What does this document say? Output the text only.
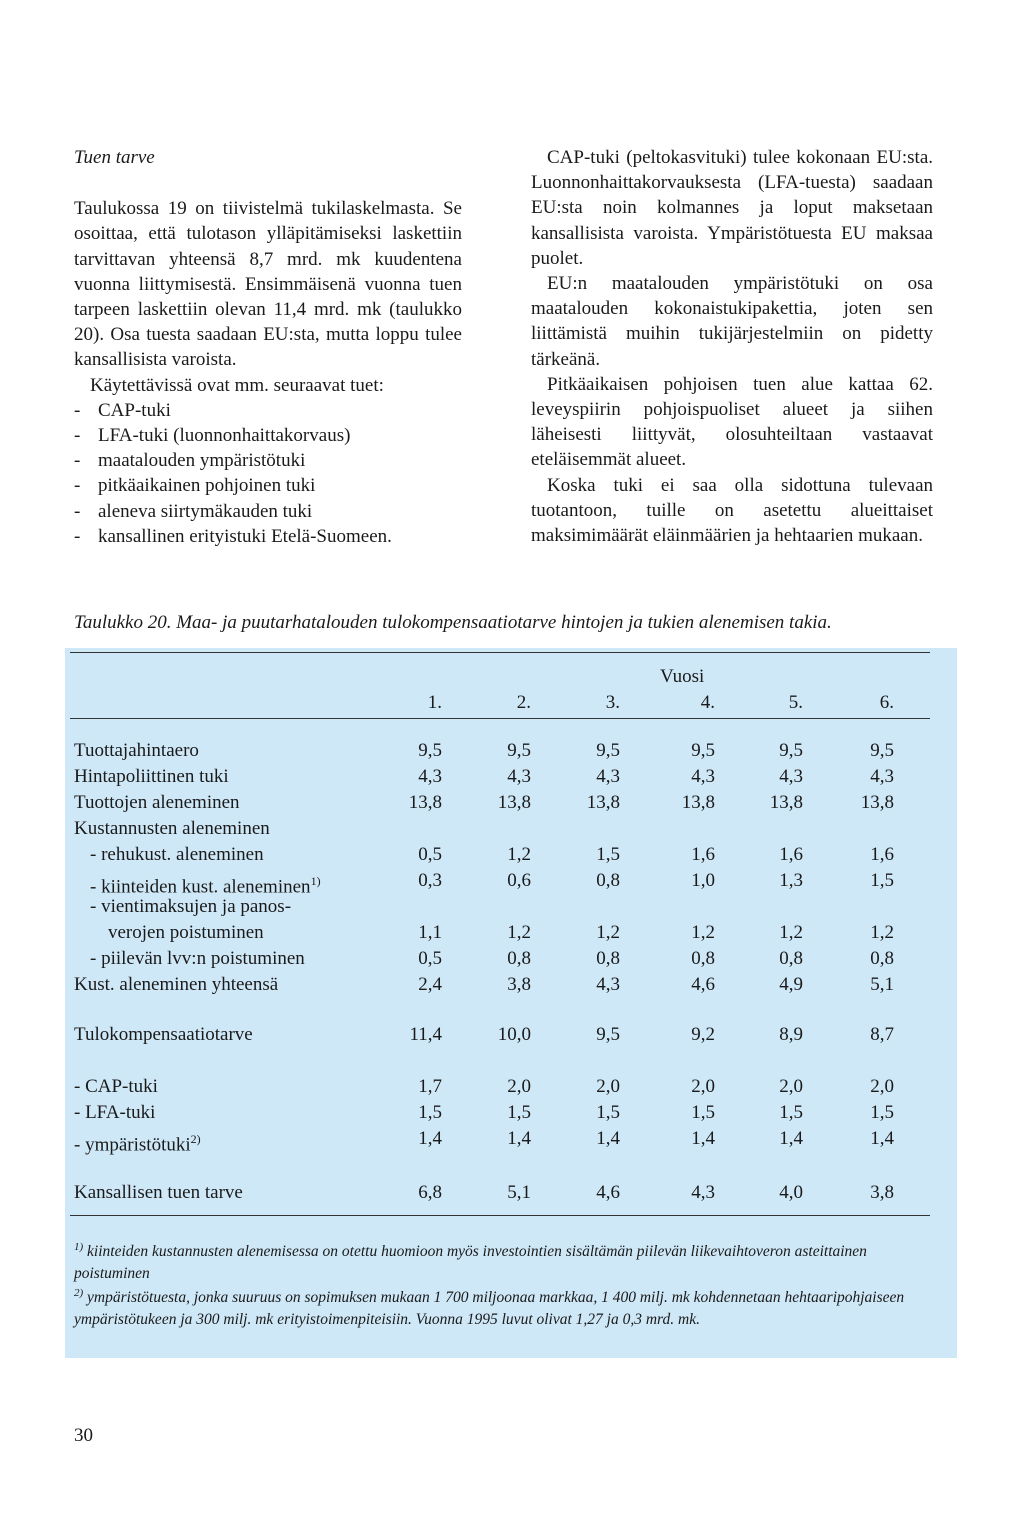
Tuen tarve

Taulukossa 19 on tiivistelmä tukilaskelmasta. Se osoittaa, että tulotason ylläpitämiseksi laskettiin tarvittavan yhteensä 8,7 mrd. mk kuudentena vuonna liittymisestä. Ensimmäisenä vuonna tuen tarpeen laskettiin olevan 11,4 mrd. mk (taulukko 20). Osa tuesta saadaan EU:sta, mutta loppu tulee kansallisista varoista.

Käytettävissä ovat mm. seuraavat tuet:

- CAP-tuki

- LFA-tuki (luonnonhaittakorvaus)

- maatalouden ympäristötuki

- pitkäaikainen pohjoinen tuki

- aleneva siirtymäkauden tuki

- kansallinen erityistuki Etelä-Suomeen.

CAP-tuki (peltokasvituki) tulee kokonaan EU:sta. Luonnonhaittakorvauksesta (LFA-tuesta) saadaan EU:sta noin kolmannes ja loput maksetaan kansallisista varoista. Ympäristötuesta EU maksaa puolet.

EU:n maatalouden ympäristötuki on osa maatalouden kokonaistukipakettia, joten sen liittämistä muihin tukijärjestelmiin on pidetty tärkeänä.

Pitkäaikaisen pohjoisen tuen alue kattaa 62. leveyspiirin pohjoispuoliset alueet ja siihen läheisesti liittyvät, olosuhteiltaan vastaavat eteläisemmät alueet.

Koska tuki ei saa olla sidottuna tulevaan tuotantoon, tuille on asetettu alueittaiset maksimimäärät eläinmäärien ja hehtaarien mukaan.

Taulukko 20. Maa- ja puutarhatalouden tulokompensaatiotarve hintojen ja tukien alenemisen takia.
Vuosi
1.	2.	3.	4.	5.	6.
Tuottajahintaero	9,5	9,5	9,5	9,5	9,5	9,5
Hintapoliittinen tuki	4,3	4,3	4,3	4,3	4,3	4,3
Tuottojen aleneminen	13,8	13,8	13,8	13,8	13,8	13,8
Kustannusten aleneminen
- rehukust. aleneminen	0,5	1,2	1,5	1,6	1,6	1,6
- kiinteiden kust. aleneminen$^{1)}$	0,3	0,6	0,8	1,0	1,3	1,5
- vientimaksujen ja panos-
verojen poistuminen	1,1	1,2	1,2	1,2	1,2	1,2
- piilevän lvv:n poistuminen	0,5	0,8	0,8	0,8	0,8	0,8
Kust. aleneminen yhteensä	2,4	3,8	4,3	4,6	4,9	5,1
Tulokompensaatiotarve	11,4	10,0	9,5	9,2	8,9	8,7
- CAP-tuki	1,7	2,0	2,0	2,0	2,0	2,0
- LFA-tuki	1,5	1,5	1,5	1,5	1,5	1,5
- ympäristötuki$^{2)}$	1,4	1,4	1,4	1,4	1,4	1,4
Kansallisen tuen tarve	6,8	5,1	4,6	4,3	4,0	3,8
$^{1)}$ kiinteiden kustannusten alenemisessa on otettu huomioon myös investointien sisältämän piilevän liikevaihtoveron asteittainen poistuminen
$^{2)}$ ympäristötuesta, jonka suuruus on sopimuksen mukaan 1 700 miljoonaa markkaa, 1 400 milj. mk kohdennetaan hehtaaripohjaiseen ympäristötukeen ja 300 milj. mk erityistoimenpiteisiin. Vuonna 1995 luvut olivat 1,27 ja 0,3 mrd. mk.
30
